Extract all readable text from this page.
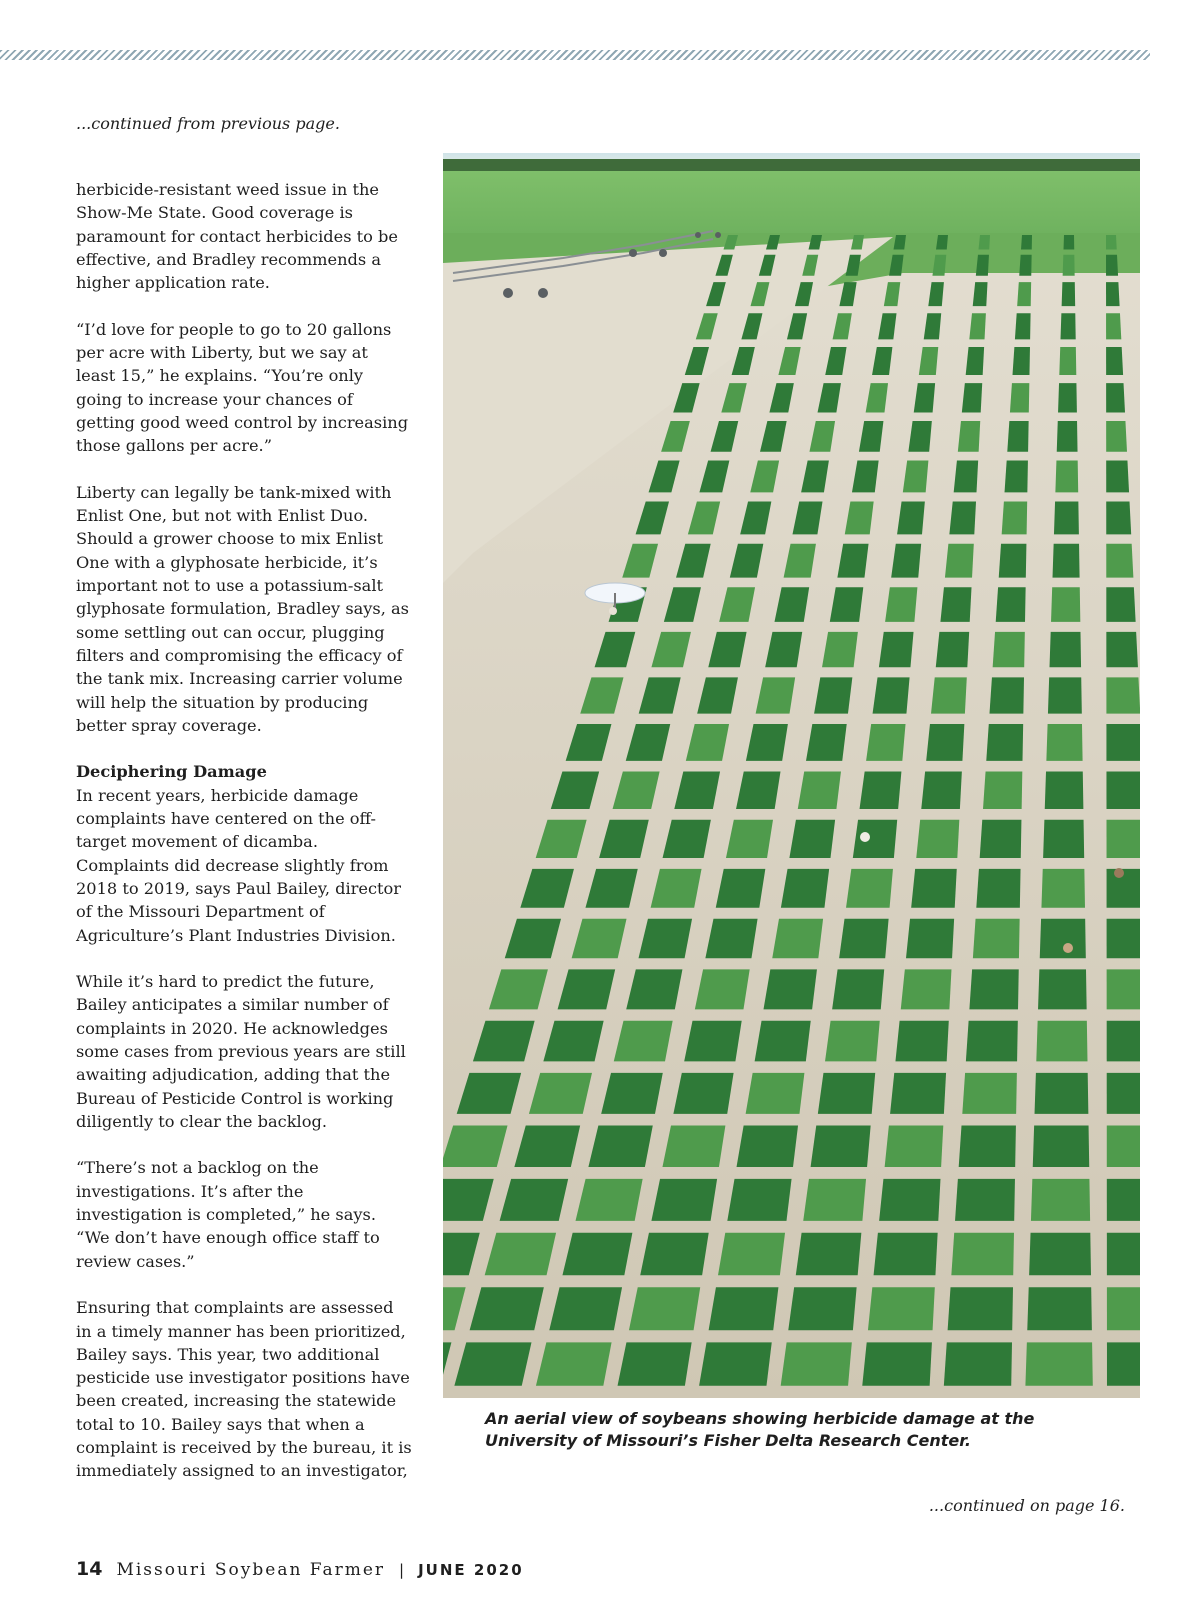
...continued from previous page.

herbicide-resistant weed issue in the Show-Me State. Good coverage is paramount for contact herbicides to be effective, and Bradley recommends a higher application rate.

“I’d love for people to go to 20 gallons per acre with Liberty, but we say at least 15,” he explains. “You’re only going to increase your chances of getting good weed control by increasing those gallons per acre.”

Liberty can legally be tank-mixed with Enlist One, but not with Enlist Duo. Should a grower choose to mix Enlist One with a glyphosate herbicide, it’s important not to use a potassium-salt glyphosate formulation, Bradley says, as some settling out can occur, plugging filters and compromising the efficacy of the tank mix. Increasing carrier volume will help the situation by producing better spray coverage.

Deciphering Damage

In recent years, herbicide damage complaints have centered on the off-target movement of dicamba. Complaints did decrease slightly from 2018 to 2019, says Paul Bailey, director of the Missouri Department of Agriculture’s Plant Industries Division.

While it’s hard to predict the future, Bailey anticipates a similar number of complaints in 2020. He acknowledges some cases from previous years are still awaiting adjudication, adding that the Bureau of Pesticide Control is working diligently to clear the backlog.

“There’s not a backlog on the investigations. It’s after the investigation is completed,” he says. “We don’t have enough office staff to review cases.”

Ensuring that complaints are assessed in a timely manner has been prioritized, Bailey says. This year, two additional pesticide use investigator positions have been created, increasing the statewide total to 10. Bailey says that when a complaint is received by the bureau, it is immediately assigned to an investigator,

An aerial view of soybeans showing herbicide damage at the University of Missouri’s Fisher Delta Research Center.
...continued on page 16.
14 Missouri Soybean Farmer | JUNE 2020
